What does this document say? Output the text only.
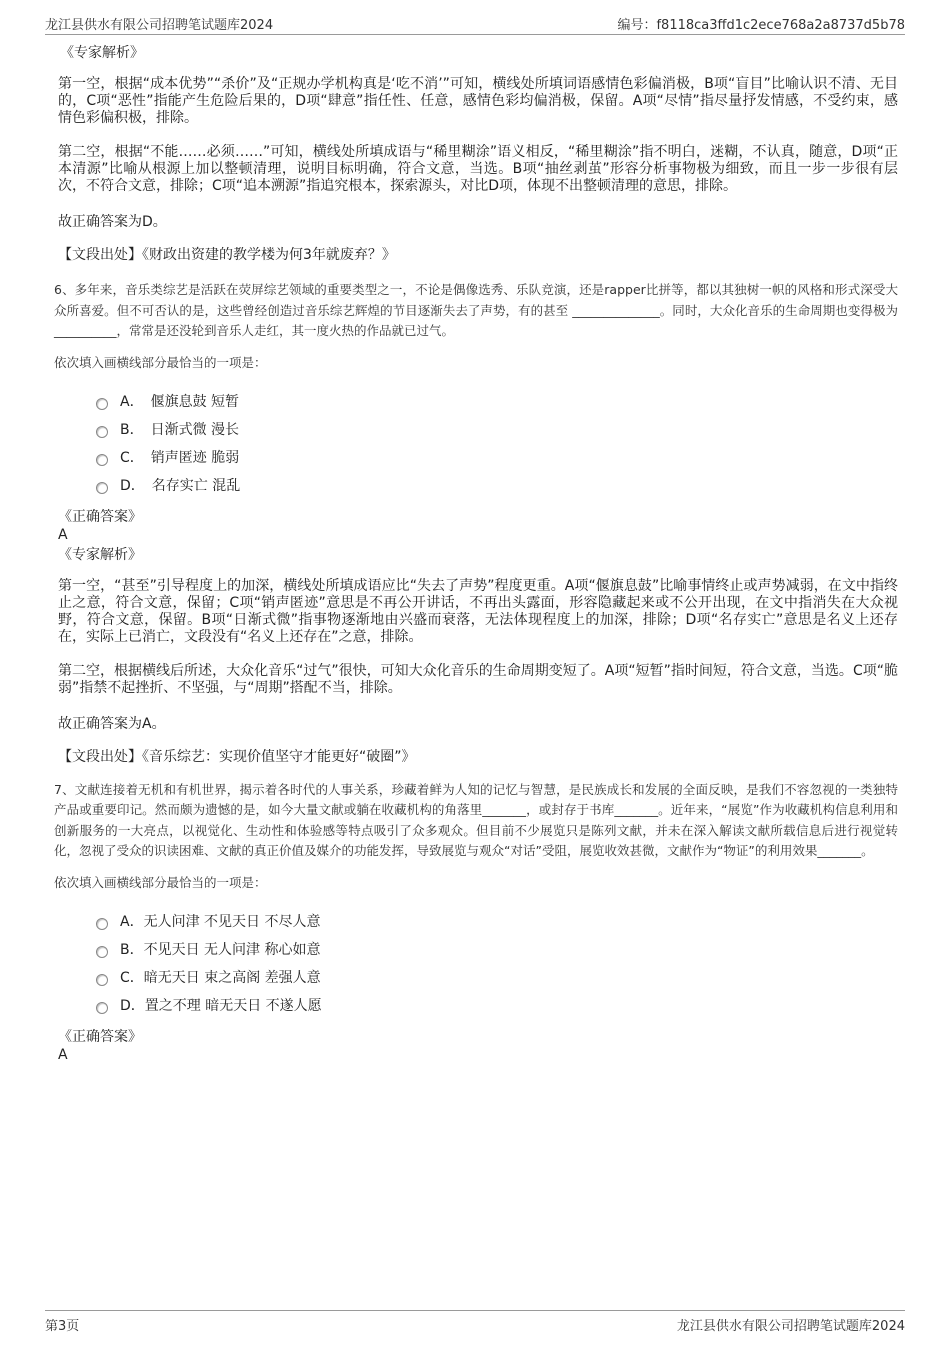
龙江县供水有限公司招聘笔试题库2024	编号：f8118ca3ffd1c2ece768a2a8737d5b78

《专家解析》

第一空，根据“成本优势”“杀价”及“正规办学机构真是‘吃不消’”可知，横线处所填词语感情色彩偏消极，B项“盲目”比喻认识不清、无目的，C项“恶性”指能产生危险后果的，D项“肆意”指任性、任意，感情色彩均偏消极，保留。A项“尽情”指尽量抒发情感，不受约束，感情色彩偏积极，排除。

第二空，根据“不能……必须……”可知，横线处所填成语与“稀里糊涂”语义相反，“稀里糊涂”指不明白，迷糊，不认真，随意，D项“正本清源”比喻从根源上加以整顿清理，说明目标明确，符合文意，当选。B项“抽丝剥茧”形容分析事物极为细致，而且一步一步很有层次，不符合文意，排除；C项“追本溯源”指追究根本，探索源头，对比D项，体现不出整顿清理的意思，排除。

故正确答案为D。

【文段出处】《财政出资建的教学楼为何3年就废弃？》

6、多年来，音乐类综艺是活跃在荧屏综艺领域的重要类型之一，不论是偶像选秀、乐队竞演，还是rapper比拼等，都以其独树一帜的风格和形式深受大众所喜爱。但不可否认的是，这些曾经创造过音乐综艺辉煌的节目逐渐失去了声势，有的甚至 ______________。同时，大众化音乐的生命周期也变得极为 __________，常常是还没轮到音乐人走红，其一度火热的作品就已过气。

依次填入画横线部分最恰当的一项是：

A．　偃旗息鼓 短暂
B．　日渐式微 漫长
C．　销声匿迹 脆弱
D．　名存实亡 混乱

《正确答案》

A

《专家解析》

第一空，“甚至”引导程度上的加深，横线处所填成语应比“失去了声势”程度更重。A项“偃旗息鼓”比喻事情终止或声势减弱，在文中指终止之意，符合文意，保留；C项“销声匿迹”意思是不再公开讲话，不再出头露面，形容隐藏起来或不公开出现，在文中指消失在大众视野，符合文意，保留。B项“日渐式微”指事物逐渐地由兴盛而衰落，无法体现程度上的加深，排除；D项“名存实亡”意思是名义上还存在，实际上已消亡，文段没有“名义上还存在”之意，排除。

第二空，根据横线后所述，大众化音乐“过气”很快，可知大众化音乐的生命周期变短了。A项“短暂”指时间短，符合文意，当选。C项“脆弱”指禁不起挫折、不坚强，与“周期”搭配不当，排除。

故正确答案为A。

【文段出处】《音乐综艺：实现价值坚守才能更好“破圈”》

7、文献连接着无机和有机世界，揭示着各时代的人事关系，珍藏着鲜为人知的记忆与智慧，是民族成长和发展的全面反映，是我们不容忽视的一类独特产品或重要印记。然而颇为遗憾的是，如今大量文献或躺在收藏机构的角落里_______，或封存于书库_______。近年来，“展览”作为收藏机构信息利用和创新服务的一大亮点，以视觉化、生动性和体验感等特点吸引了众多观众。但目前不少展览只是陈列文献，并未在深入解读文献所载信息后进行视觉转化，忽视了受众的识读困难、文献的真正价值及媒介的功能发挥，导致展览与观众“对话”受阻，展览收效甚微，文献作为“物证”的利用效果_______。

依次填入画横线部分最恰当的一项是：

A．无人问津 不见天日 不尽人意
B．不见天日 无人问津 称心如意
C．暗无天日 束之高阁 差强人意
D．置之不理 暗无天日 不遂人愿

《正确答案》

A

第3页	龙江县供水有限公司招聘笔试题库2024
